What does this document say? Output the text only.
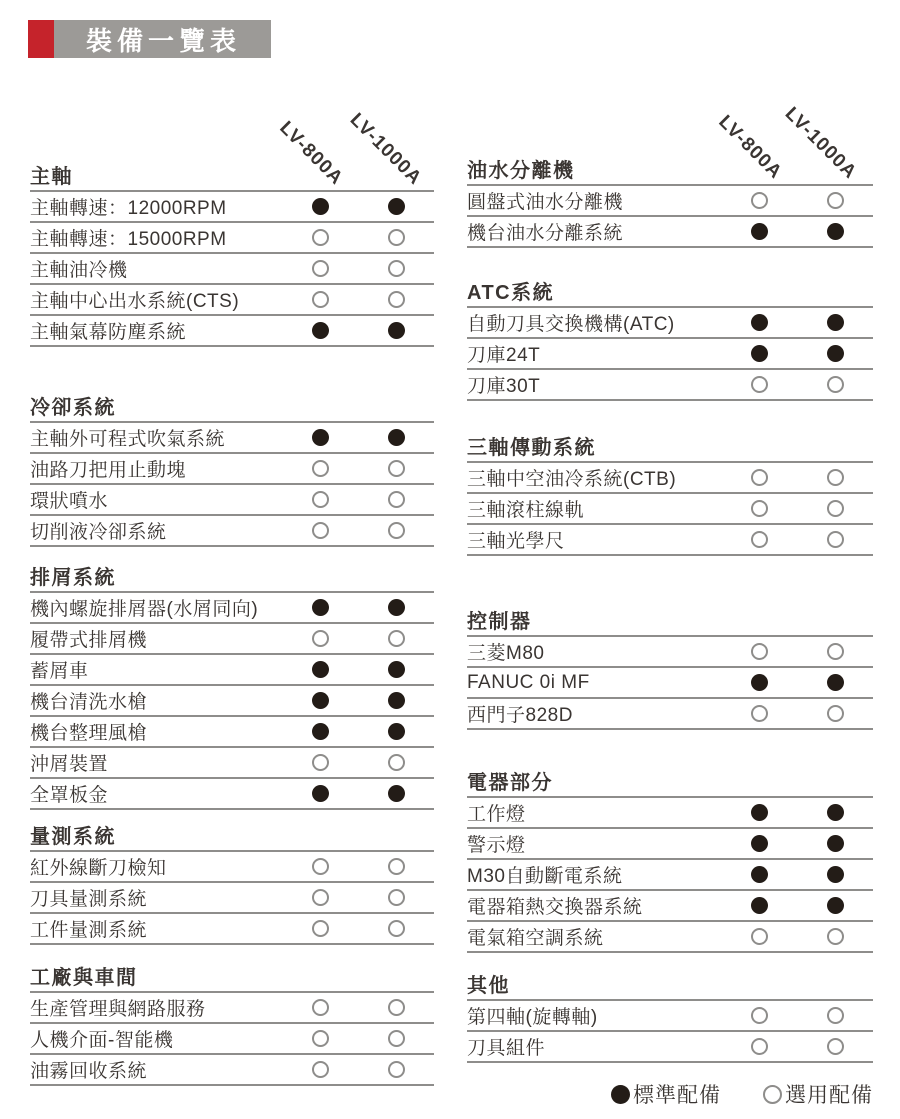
裝備一覽表
LV-800A
LV-1000A
主軸
主軸轉速：12000RPM
主軸轉速：15000RPM
主軸油冷機
主軸中心出水系統(CTS)
主軸氣幕防塵系統
冷卻系統
主軸外可程式吹氣系統
油路刀把用止動塊
環狀噴水
切削液冷卻系統
排屑系統
機內螺旋排屑器(水屑同向)
履帶式排屑機
蓄屑車
機台清洗水槍
機台整理風槍
沖屑裝置
全罩板金
量測系統
紅外線斷刀檢知
刀具量測系統
工件量測系統
工廠與車間
生產管理與網路服務
人機介面-智能機
油霧回收系統
LV-800A
LV-1000A
油水分離機
圓盤式油水分離機
機台油水分離系統
ATC系統
自動刀具交換機構(ATC)
刀庫24T
刀庫30T
三軸傳動系統
三軸中空油冷系統(CTB)
三軸滾柱線軌
三軸光學尺
控制器
三菱M80
FANUC 0i MF
西門子828D
電器部分
工作燈
警示燈
M30自動斷電系統
電器箱熱交換器系統
電氣箱空調系統
其他
第四軸(旋轉軸)
刀具組件
標準配備	選用配備
